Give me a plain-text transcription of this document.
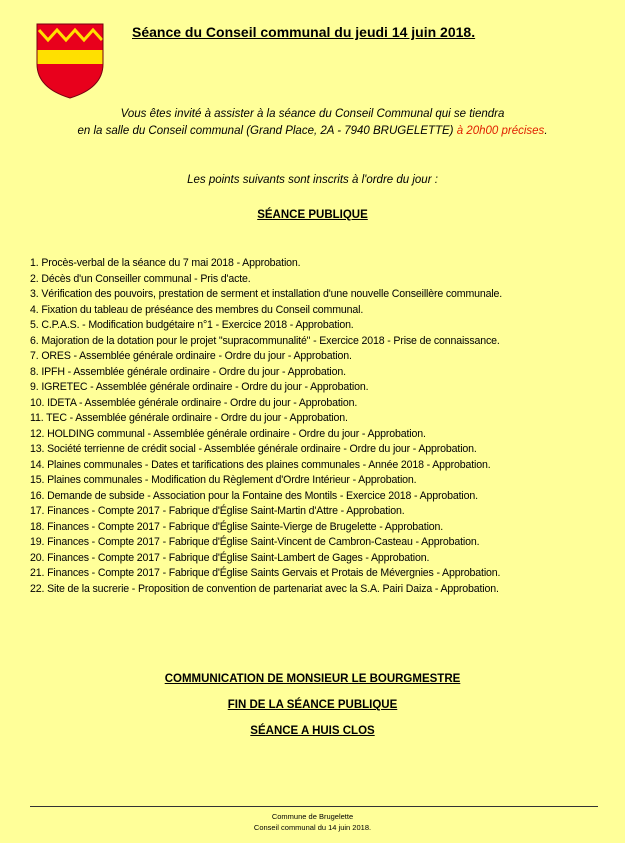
Séance du Conseil communal du jeudi 14 juin 2018.
Vous êtes invité à assister à la séance du Conseil Communal qui se tiendra
en la salle du Conseil communal (Grand Place, 2A - 7940 BRUGELETTE) à 20h00 précises.
Les points suivants sont inscrits à l'ordre du jour :
SÉANCE PUBLIQUE
1. Procès-verbal de la séance du 7 mai 2018 - Approbation.
2. Décès d'un Conseiller communal - Pris d'acte.
3. Vérification des pouvoirs, prestation de serment et installation d'une nouvelle Conseillère communale.
4. Fixation du tableau de préséance des membres du Conseil communal.
5. C.P.A.S. - Modification budgétaire n°1 - Exercice 2018 - Approbation.
6. Majoration de la dotation pour le projet "supracommunalité" - Exercice 2018 - Prise de connaissance.
7. ORES - Assemblée générale ordinaire - Ordre du jour - Approbation.
8. IPFH - Assemblée générale ordinaire - Ordre du jour - Approbation.
9. IGRETEC - Assemblée générale ordinaire - Ordre du jour - Approbation.
10. IDETA - Assemblée générale ordinaire - Ordre du jour - Approbation.
11. TEC - Assemblée générale ordinaire - Ordre du jour - Approbation.
12. HOLDING communal - Assemblée générale ordinaire - Ordre du jour - Approbation.
13. Société terrienne de crédit social - Assemblée générale ordinaire - Ordre du jour - Approbation.
14. Plaines communales - Dates et tarifications des plaines communales - Année 2018 - Approbation.
15. Plaines communales - Modification du Règlement d'Ordre Intérieur - Approbation.
16. Demande de subside - Association pour la Fontaine des Montils - Exercice 2018 - Approbation.
17. Finances - Compte 2017 - Fabrique d'Église Saint-Martin d'Attre - Approbation.
18. Finances - Compte 2017 - Fabrique d'Église Sainte-Vierge de Brugelette - Approbation.
19. Finances - Compte 2017 - Fabrique d'Église Saint-Vincent de Cambron-Casteau - Approbation.
20. Finances - Compte 2017 - Fabrique d'Église Saint-Lambert de Gages - Approbation.
21. Finances - Compte 2017 - Fabrique d'Église Saints Gervais et Protais de Mévergnies - Approbation.
22. Site de la sucrerie - Proposition de convention de partenariat avec la S.A. Pairi Daiza - Approbation.
COMMUNICATION DE MONSIEUR LE BOURGMESTRE
FIN DE LA SÉANCE PUBLIQUE
SÉANCE A HUIS CLOS
Commune de Brugelette
Conseil communal du 14 juin 2018.
